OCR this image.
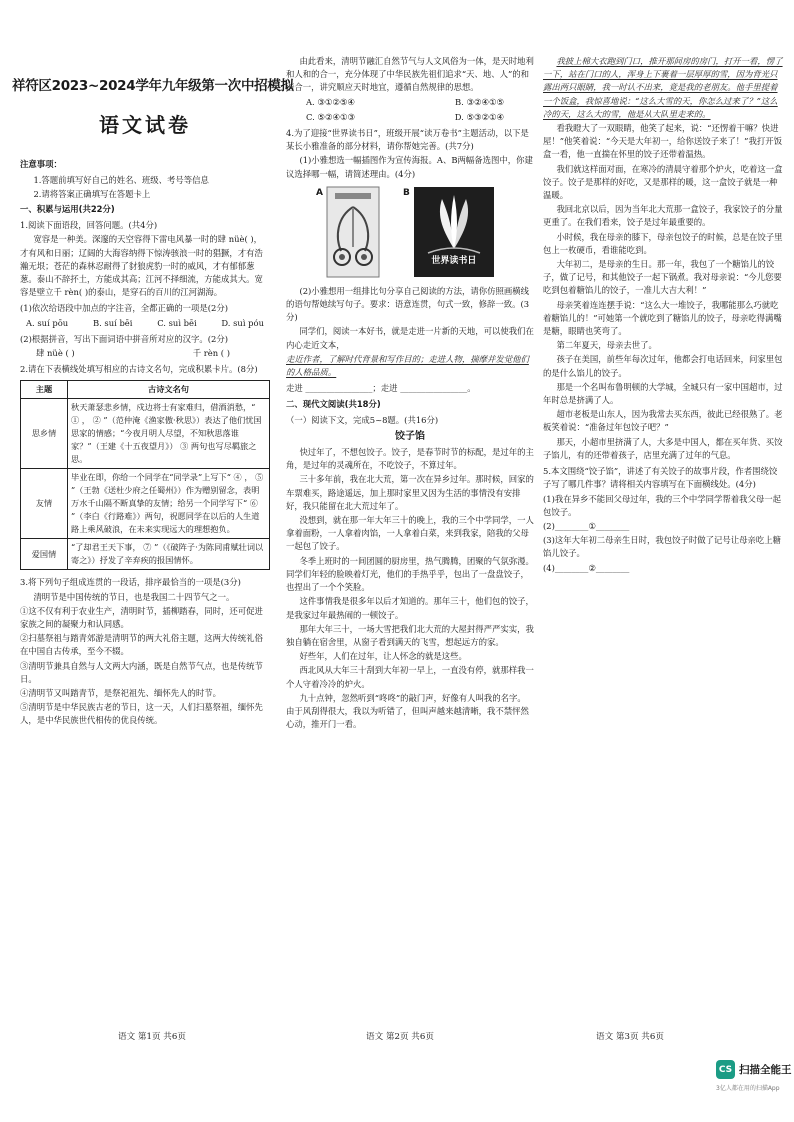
祥符区2023~2024学年九年级第一次中招模拟
语文试卷
注意事项：
1.答题前填写好自己的姓名、班级、考号等信息
2.请将答案正确填写在答题卡上
一、积累与运用(共22分)
1.阅读下面语段，回答问题。(共4分)
宽容是一种美。深邃的天空容得下雷电风暴一时的肆 nüè( )，才有风和日丽；辽阔的大海容纳得下惊涛骇浪一时的猖獗，才有浩瀚无垠；苍茫的森林忍耐得了豺狼虎豹一时的威风，才有郁郁葱葱。泰山不辞抔土，方能成其高；江河不择细流，方能成其大。宽容是壁立千 rèn( )的泰山，是穿石的百川的江河湖海。
(1)依次给语段中加点的字注音，全都正确的一项是(2分)
A. suí pōu	B. suí bēi	C. suì bēi	D. suì póu
(2)根据拼音，写出下面词语中拼音所对应的汉字。(2分)
肆 nüè ( )	千 rèn ( )
2.请在下表横线处填写相应的古诗文名句，完成积累卡片。(8分)
主题	古诗文名句
思乡情	秋天萧瑟悲乡情，戍边将士有家难归，借酒消愁，“ ① ， ② ”（范仲淹《渔家傲·秋思》）表达了他们忧国思家的情感；“今夜月明人尽望，不知秋思落谁家？”（王建《十五夜望月》） ③ 两句也写尽羁旅之思。
友情	毕业在即，你给一个同学在“同学录”上写下“ ④ ， ⑤ ”（王勃《送杜少府之任蜀州》）作为赠别留念，表明万水千山隔不断真挚的友情；给另一个同学写下“ ⑥ ”（李白《行路难》）两句，祝愿同学在以后的人生道路上乘风破浪，在未来实现远大的理想抱负。
爱国情	“了却君王天下事， ⑦ ”（《破阵子·为陈同甫赋壮词以寄之》）抒发了辛弃疾的报国情怀。
3.将下列句子组成连贯的一段话，排序最恰当的一项是(3分)
清明节是中国传统的节日，也是我国二十四节气之一。
①这不仅有利于农业生产，清明时节，插柳踏春，同时，还可促进家族之间的凝聚力和认同感。
②扫墓祭祖与踏青郊游是清明节的两大礼俗主题，这两大传统礼俗在中国自古传承，至今不辍。
③清明节兼具自然与人文两大内涵，既是自然节气点，也是传统节日。
④清明节又叫踏青节，是祭祀祖先、缅怀先人的时节。
⑤清明节是中华民族古老的节日，这一天，人们扫墓祭祖，缅怀先人，是中华民族世代相传的优良传统。
由此看来，清明节融汇自然节气与人文风俗为一体，是天时地利和人和的合一，充分体现了中华民族先祖们追求“天、地、人”的和谐合一，讲究顺应天时地宜，遵循自然规律的思想。
A. ③①②⑤④	B. ③②④①⑤
C. ⑤②④①③	D. ⑤③②①④
4.为了迎接“世界读书日”，班级开展“读万卷书”主题活动，以下是某长小雅准备的部分材料，请你帮她完善。(共7分)
(1)小雅想选一幅插图作为宣传海报。A、B两幅备选图中，你建议选择哪一幅，请简述理由。(4分)
A	B
世界读书日
(2)小雅想用一组排比句分享自己阅读的方法，请你仿照画横线的语句帮她续写句子。要求：语意连贯，句式一致，修辞一致。(3分)
同学们，阅读一本好书，就是走进一片新的天地，可以使我们在内心走近文本，
走近作者，了解时代背景和写作目的；走进人物，揣摩并发觉他们的人格品质。
走进 ________________；走进 ________________。
二、现代文阅读(共18分)
（一）阅读下文，完成5~8题。(共16分)
饺子馅
快过年了，不想包饺子。饺子，是春节时节的标配，是过年的主角，是过年的灵魂所在，不吃饺子，不算过年。
三十多年前，我在北大荒，第一次在异乡过年。那时候，回家的车票难买，路途遥远，加上那时家里又因为生活的事情没有安排好，我只能留在北大荒过年了。
没想到，就在那一年大年三十的晚上，我的三个中学同学，一人拿着面粉，一人拿着肉馅，一人拿着白菜，来到我家，陪我的父母一起包了饺子。
冬季上班时的一间团圆的厨房里，热气腾腾，团聚的气氛弥漫。同学们年轻的脸映着灯光，他们的手热乎乎，包出了一盘盘饺子，也捏出了一个个笑脸。
这件事情我是很多年以后才知道的。那年三十，他们包的饺子，是我家过年最热闹的一顿饺子。
那年大年三十，一场大雪把我们北大荒的大屋封得严严实实，我独自躺在宿舍里，从窗子看到满天的飞雪，想起远方的家。
好些年，人们在过年，让人怀念的就是这些。
西北风从大年三十刮到大年初一早上，一直没有停，就那样我一个人守着冷冷的炉火。
九十点钟，忽然听到“咚咚”的敲门声，好像有人叫我的名字。由于风刮得很大，我以为听错了，但叫声越来越清晰，我不禁怦然心动，推开门一看。
我披上棉大衣跑到门口，推开那间房的房门，打开一看，愣了一下，站在门口的人，浑身上下裹着一层厚厚的雪，因为背光只露出两只眼睛，我一时认不出来，竟是我的老朋友。他手里提着一个饭盒，我惊喜地说：“这么大雪的天，你怎么过来了？”这么冷的天，这么大的雪，他是从大队里走来的。
看我瞪大了一双眼睛，他笑了起来，说：“还愣着干嘛？快进屋！”他笑着说：“今天是大年初一，给你送饺子来了！”我打开饭盒一看，他一直揣在怀里的饺子还带着温热。
我们就这样面对面，在寒冷的清晨守着那个炉火，吃着这一盒饺子。饺子是那样的好吃，又是那样的暖，这一盒饺子就是一种温暖。
我回北京以后，因为当年北大荒那一盒饺子，我家饺子的分量更重了。在我们看来，饺子是过年最重要的。
小时候，我在母亲的膝下，母亲包饺子的时候，总是在饺子里包上一枚硬币，看谁能吃到。
大年初二，是母亲的生日。那一年，我包了一个糖馅儿的饺子，做了记号，和其他饺子一起下锅煮。我对母亲说：“今儿您要吃到包着糖馅儿的饺子，一准儿大吉大利！”
母亲笑着连连摆手说：“这么大一堆饺子，我哪能那么巧就吃着糖馅儿的！”可她第一个就吃到了糖馅儿的饺子，母亲吃得满嘴是糖，眼睛也笑弯了。
第二年夏天，母亲去世了。
孩子在美国，前些年每次过年，他都会打电话回来，问家里包的是什么馅儿的饺子。
那是一个名叫布鲁明顿的大学城，全城只有一家中国超市，过年时总是挤满了人。
超市老板是山东人，因为我常去买东西，彼此已经很熟了。老板笑着说：“准备过年包饺子吧？”
那天，小超市里挤满了人，大多是中国人，都在买年货、买饺子馅儿，有的还带着孩子，店里充满了过年的气息。
5.本文围绕“饺子馅”，讲述了有关饺子的故事片段，作者围绕饺子写了哪几件事？请将相关内容填写在下面横线处。(4分)
(1)我在异乡不能回父母过年，我的三个中学同学帮着我父母一起包饺子。
(2)________①________
(3)这年大年初二母亲生日时，我包饺子时做了记号让母亲吃上糖馅儿饺子。
(4)________②________
语文 第1页 共6页	语文 第2页 共6页	语文 第3页 共6页
CS 扫描全能王
3亿人都在用的扫描App
